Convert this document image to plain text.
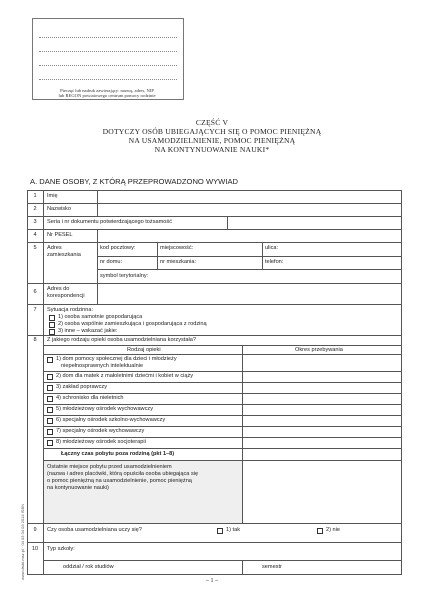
Pieczęć lub nadruk zawierający: nazwę, adres, NIP
lub REGON powiatowego centrum pomocy rodzinie
CZĘŚĆ V
DOTYCZY OSÓB UBIEGAJĄCYCH SIĘ O POMOC PIENIĘŻNĄ
NA USAMODZIELNIENIE, POMOC PIENIĘŻNĄ
NA KONTYNUOWANIE NAUKI*
A. DANE OSOBY, Z KTÓRĄ PRZEPROWADZONO WYWIAD
www.druki.msz.pl · 04 03 04 03 2014 ISBN
1	Imię
2	Nazwisko
3	Seria i nr dokumentu potwierdzającego tożsamość
4	Nr PESEL
5	Adres zamieszkania
kod pocztowy:	miejscowość:	ulica:
nr domu:	nr mieszkania:	telefon:
symbol terytorialny:
6	Adres do korespondencji
7	Sytuacja rodzinna:
1) osoba samotnie gospodarująca
2) osoba wspólnie zamieszkująca i gospodarująca z rodziną
3) inne – wskazać jakie:
8	Z jakiego rodzaju opieki osoba usamodzielniana korzystała?
Rodzaj opieki	Okres przebywania
1) dom pomocy społecznej dla dzieci i młodzieży
niepełnosprawnych intelektualnie
2) dom dla matek z małoletnimi dziećmi i kobiet w ciąży
3) zakład poprawczy
4) schronisko dla nieletnich
5) młodzieżowy ośrodek wychowawczy
6) specjalny ośrodek szkolno-wychowawczy
7) specjalny ośrodek wychowawczy
8) młodzieżowy ośrodek socjoterapii
Łączny czas pobytu poza rodziną (pkt 1–8)
Ostatnie miejsce pobytu przed usamodzielnieniem
(nazwa i adres placówki, którą opuściła osoba ubiegająca się
o pomoc pieniężną na usamodzielnienie, pomoc pieniężną
na kontynuowanie nauki)
9	Czy osoba usamodzielniana uczy się?	1) tak	2) nie
10	Typ szkoły:
oddział / rok studiów	semestr
– 1 –
